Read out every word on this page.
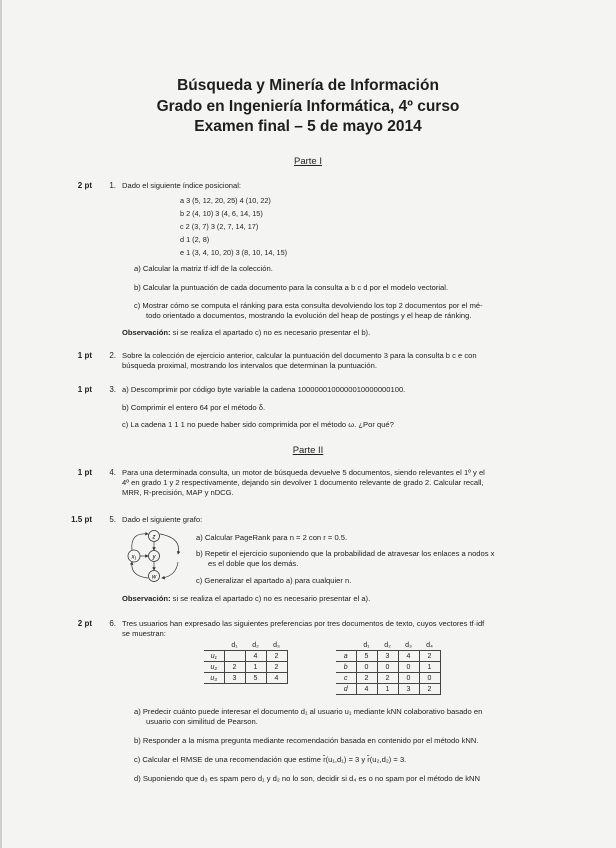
Búsqueda y Minería de Información
Grado en Ingeniería Informática, 4º curso
Examen final – 5 de mayo 2014
Parte I
2 pt	1. Dado el siguiente índice posicional:
a 3 (5, 12, 20, 25) 4 (10, 22)
b 2 (4, 10) 3 (4, 6, 14, 15)
c 2 (3, 7) 3 (2, 7, 14, 17)
d 1 (2, 8)
e 1 (3, 4, 10, 20) 3 (8, 10, 14, 15)
a) Calcular la matriz tf·idf de la colección.
b) Calcular la puntuación de cada documento para la consulta a b c d por el modelo vectorial.
c) Mostrar cómo se computa el ránking para esta consulta devolviendo los top 2 documentos por el mé-
todo orientado a documentos, mostrando la evolución del heap de postings y el heap de ránking.
Observación: si se realiza el apartado c) no es necesario presentar el b).
1 pt	2. Sobre la colección de ejercicio anterior, calcular la puntuación del documento 3 para la consulta b c e con
búsqueda proximal, mostrando los intervalos que determinan la puntuación.
1 pt	3. a) Descomprimir por código byte variable la cadena 1000000100000010000000100.
b) Comprimir el entero 64 por el método δ.
c) La cadena 1 1 1 no puede haber sido comprimida por el método ω. ¿Por qué?
Parte II
1 pt	4. Para una determinada consulta, un motor de búsqueda devuelve 5 documentos, siendo relevantes el 1º y el
4º en grado 1 y 2 respectivamente, dejando sin devolver 1 documento relevante de grado 2. Calcular recall,
MRR, R-precisión, MAP y nDCG.
1.5 pt	5. Dado el siguiente grafo:
z
x₁	y
w
a) Calcular PageRank para n = 2 con r = 0.5.
b) Repetir el ejercicio suponiendo que la probabilidad de atravesar los enlaces a nodos x
es el doble que los demás.
c) Generalizar el apartado a) para cualquier n.
Observación: si se realiza el apartado c) no es necesario presentar el a).
2 pt	6. Tres usuarios han expresado las siguientes preferencias por tres documentos de texto, cuyos vectores tf·idf
se muestran:
	d₁	d₂	d₃
u₁		4	2
u₂	2	1	2
u₃	3	5	4
	d₁	d₂	d₃	d₄
a	5	3	4	2
b	0	0	0	1
c	2	2	0	0
d	4	1	3	2
a) Predecir cuánto puede interesar el documento d₁ al usuario u₁ mediante kNN colaborativo basado en
usuario con similitud de Pearson.
b) Responder a la misma pregunta mediante recomendación basada en contenido por el método kNN.
c) Calcular el RMSE de una recomendación que estime r̂(u₁,d₁) = 3 y r̂(u₂,d₂) = 3.
d) Suponiendo que d₃ es spam pero d₁ y d₂ no lo son, decidir si d₄ es o no spam por el método de kNN
